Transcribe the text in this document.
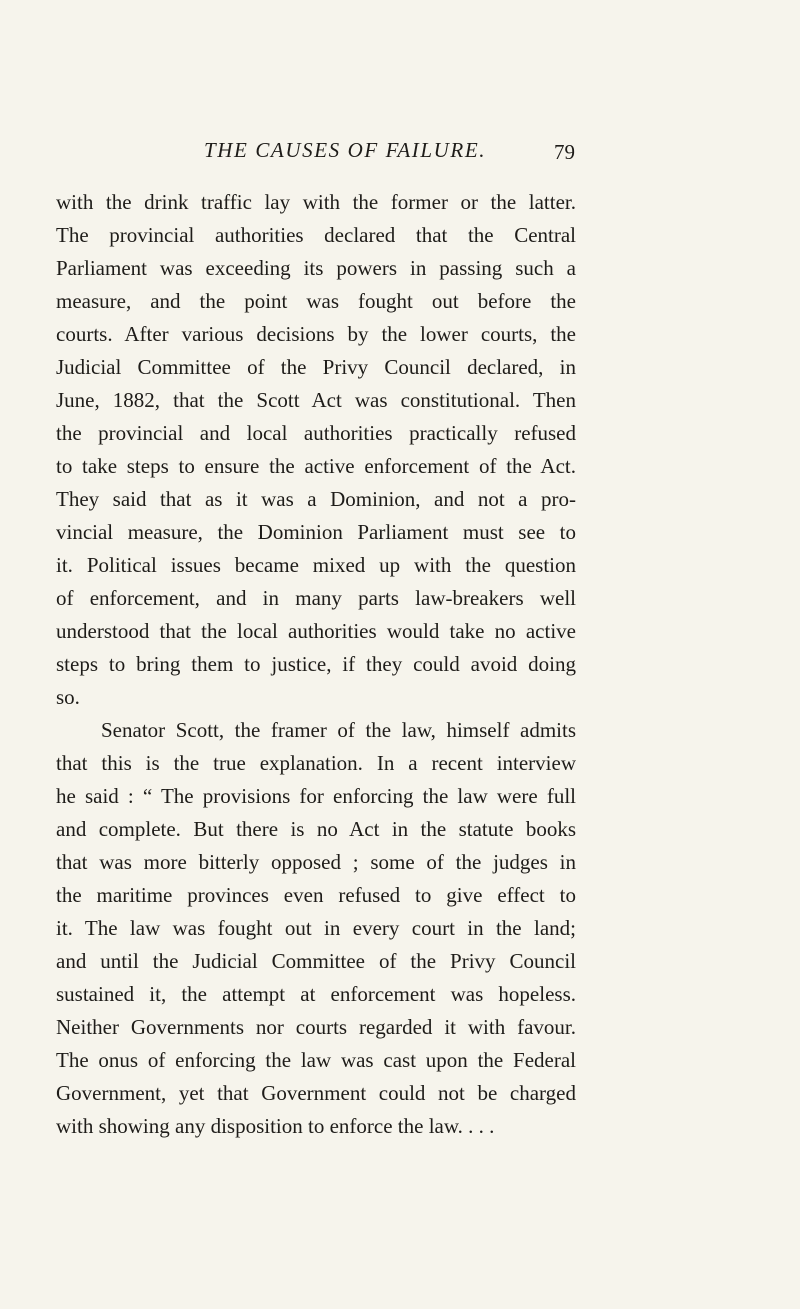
THE CAUSES OF FAILURE.	79
with the drink traffic lay with the former or the latter.
The provincial authorities declared that the Central
Parliament was exceeding its powers in passing such a
measure, and the point was fought out before the
courts. After various decisions by the lower courts, the
Judicial Committee of the Privy Council declared, in
June, 1882, that the Scott Act was constitutional. Then
the provincial and local authorities practically refused
to take steps to ensure the active enforcement of the Act.
They said that as it was a Dominion, and not a pro-
vincial measure, the Dominion Parliament must see to
it. Political issues became mixed up with the question
of enforcement, and in many parts law-breakers well
understood that the local authorities would take no active
steps to bring them to justice, if they could avoid doing
so.
Senator Scott, the framer of the law, himself admits
that this is the true explanation. In a recent interview
he said : “ The provisions for enforcing the law were full
and complete. But there is no Act in the statute books
that was more bitterly opposed ; some of the judges in
the maritime provinces even refused to give effect to
it. The law was fought out in every court in the land;
and until the Judicial Committee of the Privy Council
sustained it, the attempt at enforcement was hopeless.
Neither Governments nor courts regarded it with favour.
The onus of enforcing the law was cast upon the Federal
Government, yet that Government could not be charged
with showing any disposition to enforce the law. . . .
